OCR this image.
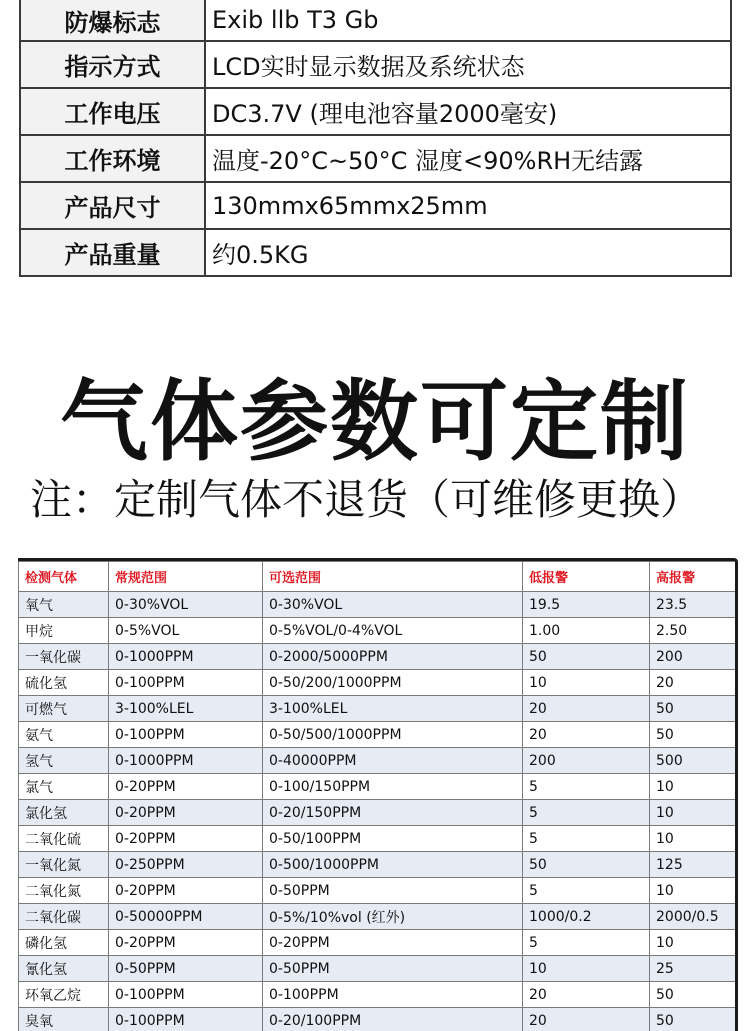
防爆标志	Exib llb T3 Gb
指示方式	LCD实时显示数据及系统状态
工作电压	DC3.7V (理电池容量2000毫安)
工作环境	温度-20°C~50°C 湿度<90%RH无结露
产品尺寸	130mmx65mmx25mm
产品重量	约0.5KG
气体参数可定制
注：定制气体不退货（可维修更换）
检测气体	常规范围	可选范围	低报警	高报警
氧气	0-30%VOL	0-30%VOL	19.5	23.5
甲烷	0-5%VOL	0-5%VOL/0-4%VOL	1.00	2.50
一氧化碳	0-1000PPM	0-2000/5000PPM	50	200
硫化氢	0-100PPM	0-50/200/1000PPM	10	20
可燃气	3-100%LEL	3-100%LEL	20	50
氨气	0-100PPM	0-50/500/1000PPM	20	50
氢气	0-1000PPM	0-40000PPM	200	500
氯气	0-20PPM	0-100/150PPM	5	10
氯化氢	0-20PPM	0-20/150PPM	5	10
二氧化硫	0-20PPM	0-50/100PPM	5	10
一氧化氮	0-250PPM	0-500/1000PPM	50	125
二氧化氮	0-20PPM	0-50PPM	5	10
二氧化碳	0-50000PPM	0-5%/10%vol (红外)	1000/0.2	2000/0.5
磷化氢	0-20PPM	0-20PPM	5	10
氰化氢	0-50PPM	0-50PPM	10	25
环氧乙烷	0-100PPM	0-100PPM	20	50
臭氧	0-100PPM	0-20/100PPM	20	50
